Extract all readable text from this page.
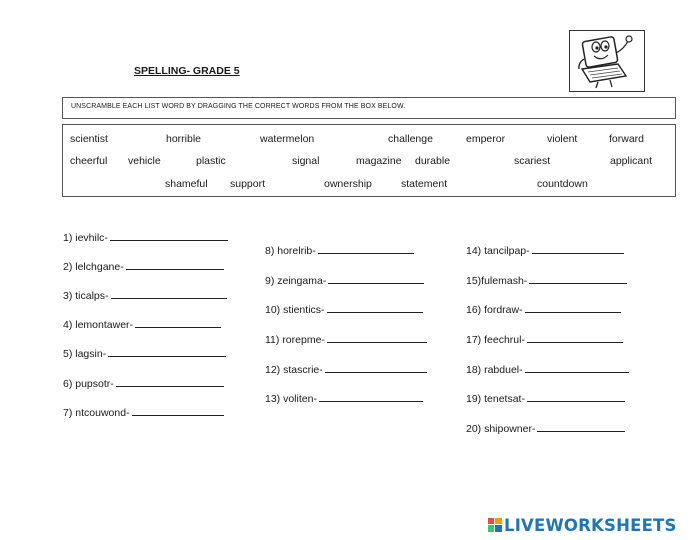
SPELLING- GRADE 5
UNSCRAMBLE EACH LIST WORD BY DRAGGING THE CORRECT WORDS FROM THE BOX BELOW.
scientist	horrible	watermelon	challenge	emperor	violent	forward
cheerful vehicle	plastic	signal	magazine durable	scariest	applicant
shameful support	ownership	statement	countdown
1) ievhilc-
2) lelchgane-
3) ticalps-
4) lemontawer-
5) lagsin-
6) pupsotr-
7) ntcouwond-
8) horelrib-
9) zeingama-
10) stientics-
11) rorepme-
12) stascrie-
13) voliten-
14) tancilpap-
15)fulemash-
16) fordraw-
17) feechrul-
18) rabduel-
19) tenetsat-
20) shipowner-
LIVEWORKSHEETS
